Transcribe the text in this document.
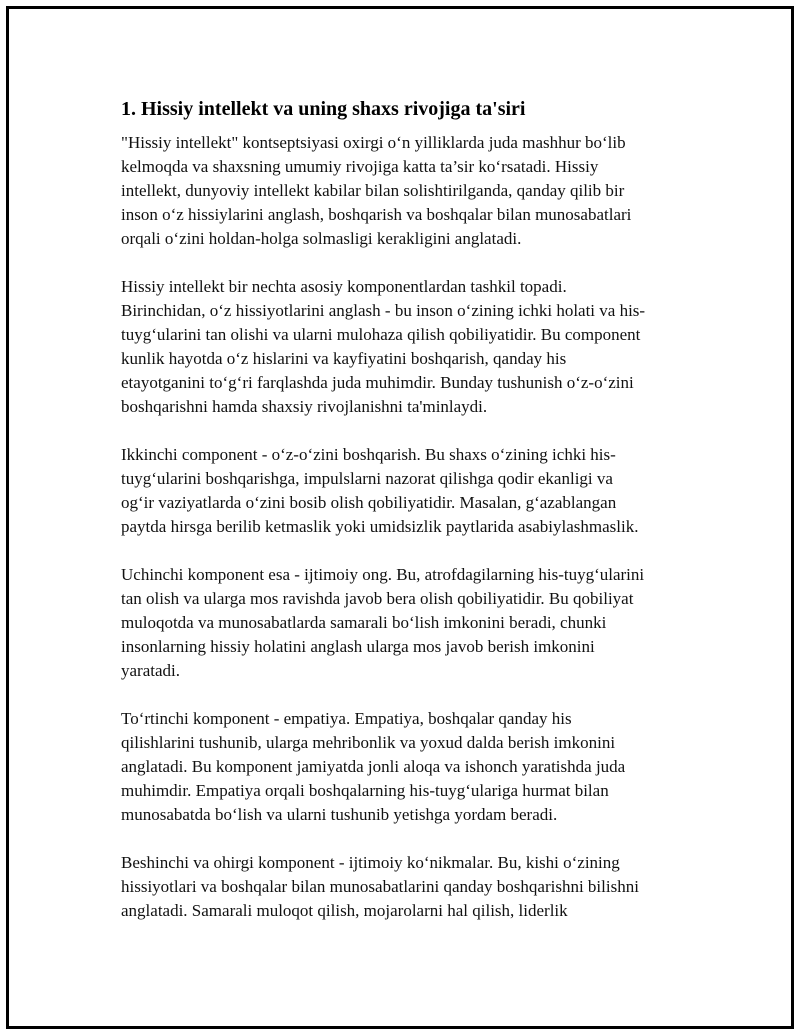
1. Hissiy intellekt va uning shaxs rivojiga ta'siri

"Hissiy intellekt" kontseptsiyasi oxirgi o‘n yilliklarda juda mashhur bo‘lib
kelmoqda va shaxsning umumiy rivojiga katta ta’sir ko‘rsatadi. Hissiy
intellekt, dunyoviy intellekt kabilar bilan solishtirilganda, qanday qilib bir
inson o‘z hissiylarini anglash, boshqarish va boshqalar bilan munosabatlari
orqali o‘zini holdan-holga solmasligi kerakligini anglatadi.

Hissiy intellekt bir nechta asosiy komponentlardan tashkil topadi.
Birinchidan, o‘z hissiyotlarini anglash - bu inson o‘zining ichki holati va his-
tuyg‘ularini tan olishi va ularni mulohaza qilish qobiliyatidir. Bu component
kunlik hayotda o‘z hislarini va kayfiyatini boshqarish, qanday his
etayotganini to‘g‘ri farqlashda juda muhimdir. Bunday tushunish o‘z-o‘zini
boshqarishni hamda shaxsiy rivojlanishni ta'minlaydi.

Ikkinchi component - o‘z-o‘zini boshqarish. Bu shaxs o‘zining ichki his-
tuyg‘ularini boshqarishga, impulslarni nazorat qilishga qodir ekanligi va
og‘ir vaziyatlarda o‘zini bosib olish qobiliyatidir. Masalan, g‘azablangan
paytda hirsga berilib ketmaslik yoki umidsizlik paytlarida asabiylashmaslik.

Uchinchi komponent esa - ijtimoiy ong. Bu, atrofdagilarning his-tuyg‘ularini
tan olish va ularga mos ravishda javob bera olish qobiliyatidir. Bu qobiliyat
muloqotda va munosabatlarda samarali bo‘lish imkonini beradi, chunki
insonlarning hissiy holatini anglash ularga mos javob berish imkonini
yaratadi.

To‘rtinchi komponent - empatiya. Empatiya, boshqalar qanday his
qilishlarini tushunib, ularga mehribonlik va yoxud dalda berish imkonini
anglatadi. Bu komponent jamiyatda jonli aloqa va ishonch yaratishda juda
muhimdir. Empatiya orqali boshqalarning his-tuyg‘ulariga hurmat bilan
munosabatda bo‘lish va ularni tushunib yetishga yordam beradi.

Beshinchi va ohirgi komponent - ijtimoiy ko‘nikmalar. Bu, kishi o‘zining
hissiyotlari va boshqalar bilan munosabatlarini qanday boshqarishni bilishni
anglatadi. Samarali muloqot qilish, mojarolarni hal qilish, liderlik
